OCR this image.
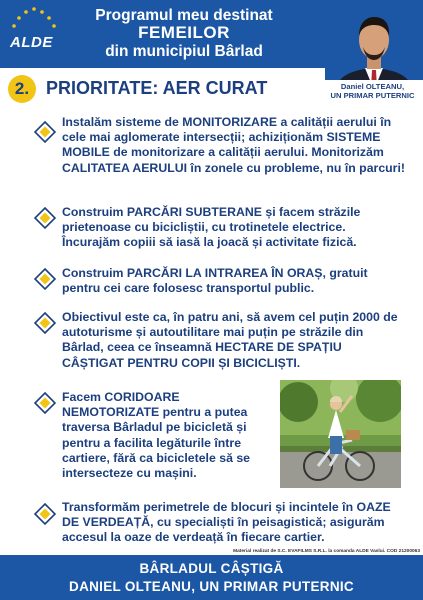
ALDE
Programul meu destinat
FEMEILOR
din municipiul Bârlad
Daniel OLTEANU,
UN PRIMAR PUTERNIC
2. PRIORITATE: AER CURAT
Instalăm sisteme de MONITORIZARE a calității aerului în cele mai aglomerate intersecții; achiziționăm SISTEME MOBILE de monitorizare a calității aerului. Monitorizăm CALITATEA AERULUI în zonele cu probleme, nu în parcuri!
Construim PARCĂRI SUBTERANE și facem străzile prietenoase cu bicicliștii, cu trotinetele electrice. Încurajăm copiii să iasă la joacă și activitate fizică.
Construim PARCĂRI LA INTRAREA ÎN ORAȘ, gratuit pentru cei care folosesc transportul public.
Obiectivul este ca, în patru ani, să avem cel puțin 2000 de autoturisme și autoutilitare mai puțin pe străzile din Bârlad, ceea ce înseamnă HECTARE DE SPAȚIU CÂȘTIGAT PENTRU COPII ȘI BICICLIȘTI.
Facem CORIDOARE NEMOTORIZATE pentru a putea traversa Bârladul pe bicicletă și pentru a facilita legăturile între cartiere, fără ca bicicletele să se intersecteze cu mașini.
Transformăm perimetrele de blocuri și incintele în OAZE DE VERDEAȚĂ, cu specialiști în peisagistică; asigurăm accesul la oaze de verdeață în fiecare cartier.
Material realizat de S.C. EVAFILMS S.R.L. la comanda ALDE Vaslui. COD 21200063
BÂRLADUL CÂȘTIGĂ
DANIEL OLTEANU, UN PRIMAR PUTERNIC
